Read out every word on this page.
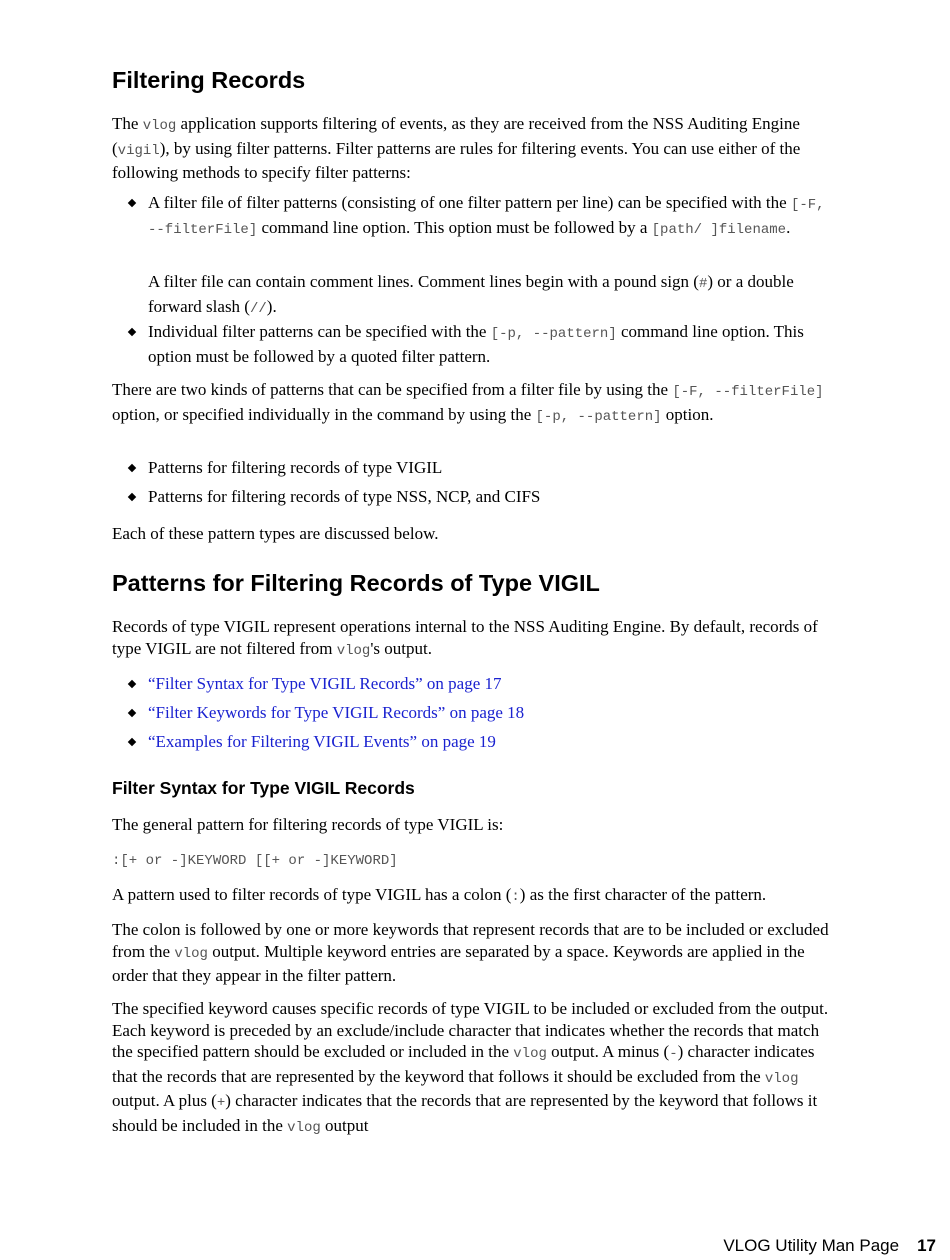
Filtering Records

The vlog application supports filtering of events, as they are received from the NSS Auditing Engine (vigil), by using filter patterns. Filter patterns are rules for filtering events. You can use either of the following methods to specify filter patterns:

A filter file of filter patterns (consisting of one filter pattern per line) can be specified with the [-F, --filterFile] command line option. This option must be followed by a [path/ ]filename.

A filter file can contain comment lines. Comment lines begin with a pound sign (#) or a double forward slash (//).

Individual filter patterns can be specified with the [-p, --pattern] command line option. This option must be followed by a quoted filter pattern.

There are two kinds of patterns that can be specified from a filter file by using the [-F, --filterFile] option, or specified individually in the command by using the [-p, --pattern] option.

Patterns for filtering records of type VIGIL

Patterns for filtering records of type NSS, NCP, and CIFS

Each of these pattern types are discussed below.

Patterns for Filtering Records of Type VIGIL

Records of type VIGIL represent operations internal to the NSS Auditing Engine. By default, records of type VIGIL are not filtered from vlog's output.

“Filter Syntax for Type VIGIL Records” on page 17

“Filter Keywords for Type VIGIL Records” on page 18

“Examples for Filtering VIGIL Events” on page 19

Filter Syntax for Type VIGIL Records

The general pattern for filtering records of type VIGIL is:

:[+ or -]KEYWORD [[+ or -]KEYWORD]

A pattern used to filter records of type VIGIL has a colon (:) as the first character of the pattern.

The colon is followed by one or more keywords that represent records that are to be included or excluded from the vlog output. Multiple keyword entries are separated by a space. Keywords are applied in the order that they appear in the filter pattern.

The specified keyword causes specific records of type VIGIL to be included or excluded from the output. Each keyword is preceded by an exclude/include character that indicates whether the records that match the specified pattern should be excluded or included in the vlog output. A minus (-) character indicates that the records that are represented by the keyword that follows it should be excluded from the vlog output. A plus (+) character indicates that the records that are represented by the keyword that follows it should be included in the vlog output

VLOG Utility Man Page 17
